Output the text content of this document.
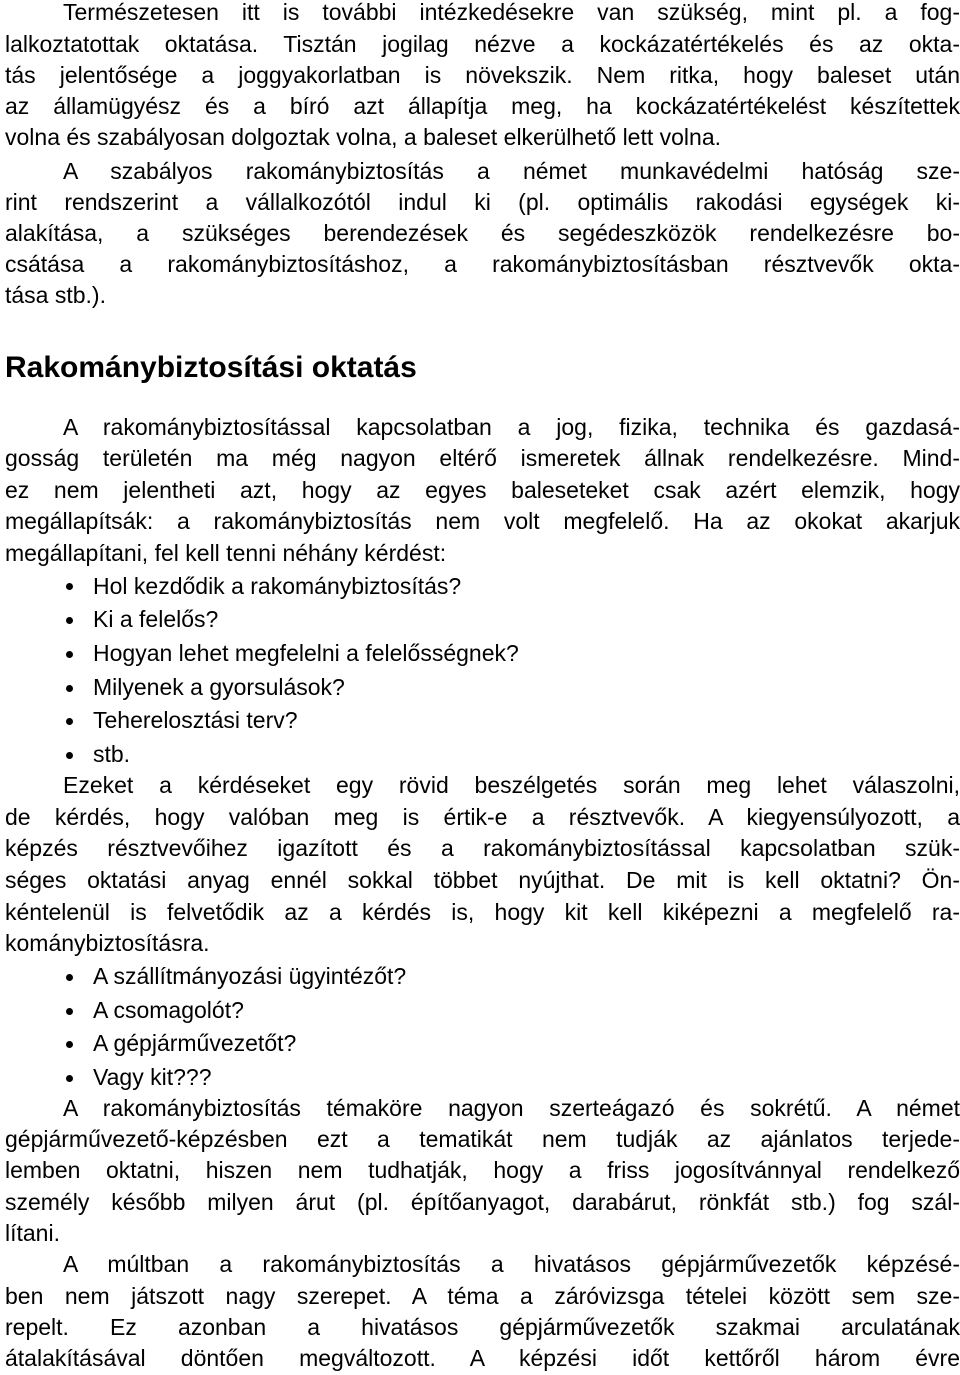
Természetesen itt is további intézkedésekre van szükség, mint pl. a fog-
lalkoztatottak oktatása. Tisztán jogilag nézve a kockázatértékelés és az okta-
tás jelentősége a joggyakorlatban is növekszik. Nem ritka, hogy baleset után
az államügyész és a bíró azt állapítja meg, ha kockázatértékelést készítettek
volna és szabályosan dolgoztak volna, a baleset elkerülhető lett volna.
A szabályos rakománybiztosítás a német munkavédelmi hatóság sze-
rint rendszerint a vállalkozótól indul ki (pl. optimális rakodási egységek ki-
alakítása, a szükséges berendezések és segédeszközök rendelkezésre bo-
csátása a rakománybiztosításhoz, a rakománybiztosításban résztvevők okta-
tása stb.).
Rakománybiztosítási oktatás
A rakománybiztosítással kapcsolatban a jog, fizika, technika és gazdasá-
gosság területén ma még nagyon eltérő ismeretek állnak rendelkezésre. Mind-
ez nem jelentheti azt, hogy az egyes baleseteket csak azért elemzik, hogy
megállapítsák: a rakománybiztosítás nem volt megfelelő. Ha az okokat akarjuk
megállapítani, fel kell tenni néhány kérdést:
Hol kezdődik a rakománybiztosítás?
Ki a felelős?
Hogyan lehet megfelelni a felelősségnek?
Milyenek a gyorsulások?
Teherelosztási terv?
stb.
Ezeket a kérdéseket egy rövid beszélgetés során meg lehet válaszolni,
de kérdés, hogy valóban meg is értik-e a résztvevők. A kiegyensúlyozott, a
képzés résztvevőihez igazított és a rakománybiztosítással kapcsolatban szük-
séges oktatási anyag ennél sokkal többet nyújthat. De mit is kell oktatni? Ön-
kéntelenül is felvetődik az a kérdés is, hogy kit kell kiképezni a megfelelő ra-
kománybiztosításra.
A szállítmányozási ügyintézőt?
A csomagolót?
A gépjárművezetőt?
Vagy kit???
A rakománybiztosítás témaköre nagyon szerteágazó és sokrétű. A német
gépjárművezető-képzésben ezt a tematikát nem tudják az ajánlatos terjede-
lemben oktatni, hiszen nem tudhatják, hogy a friss jogosítvánnyal rendelkező
személy később milyen árut (pl. építőanyagot, darabárut, rönkfát stb.) fog szál-
lítani.
A múltban a rakománybiztosítás a hivatásos gépjárművezetők képzésé-
ben nem játszott nagy szerepet. A téma a záróvizsga tételei között sem sze-
repelt. Ez azonban a hivatásos gépjárművezetők szakmai arculatának
átalakításával döntően megváltozott. A képzési időt kettőről három évre
